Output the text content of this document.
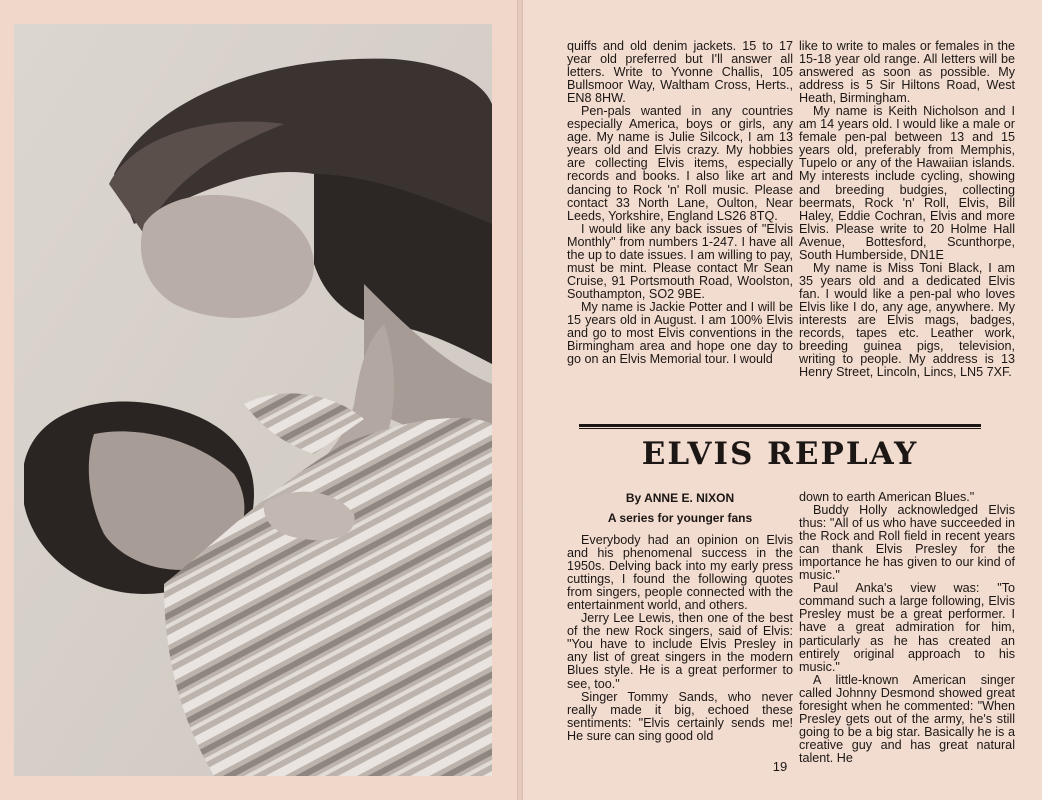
quiffs and old denim jackets. 15 to 17 year old preferred but I'll answer all letters. Write to Yvonne Challis, 105 Bullsmoor Way, Waltham Cross, Herts., EN8 8HW.

Pen-pals wanted in any countries especially America, boys or girls, any age. My name is Julie Silcock, I am 13 years old and Elvis crazy. My hobbies are collecting Elvis items, especially records and books. I also like art and dancing to Rock 'n' Roll music. Please contact 33 North Lane, Oulton, Near Leeds, Yorkshire, England LS26 8TQ.

I would like any back issues of "Elvis Monthly" from numbers 1-247. I have all the up to date issues. I am willing to pay, must be mint. Please contact Mr Sean Cruise, 91 Portsmouth Road, Woolston, Southampton, SO2 9BE.

My name is Jackie Potter and I will be 15 years old in August. I am 100% Elvis and go to most Elvis conventions in the Birmingham area and hope one day to go on an Elvis Memorial tour. I would

like to write to males or females in the 15-18 year old range. All letters will be answered as soon as possible. My address is 5 Sir Hiltons Road, West Heath, Birmingham.

My name is Keith Nicholson and I am 14 years old. I would like a male or female pen-pal between 13 and 15 years old, preferably from Memphis, Tupelo or any of the Hawaiian islands. My interests include cycling, showing and breeding budgies, collecting beermats, Rock 'n' Roll, Elvis, Bill Haley, Eddie Cochran, Elvis and more Elvis. Please write to 20 Holme Hall Avenue, Bottesford, Scunthorpe, South Humberside, DN1E

My name is Miss Toni Black, I am 35 years old and a dedicated Elvis fan. I would like a pen-pal who loves Elvis like I do, any age, anywhere. My interests are Elvis mags, badges, records, tapes etc. Leather work, breeding guinea pigs, television, writing to people. My address is 13 Henry Street, Lincoln, Lincs, LN5 7XF.

ELVIS REPLAY
By ANNE E. NIXON
A series for younger fans

Everybody had an opinion on Elvis and his phenomenal success in the 1950s. Delving back into my early press cuttings, I found the following quotes from singers, people connected with the entertainment world, and others.

Jerry Lee Lewis, then one of the best of the new Rock singers, said of Elvis: "You have to include Elvis Presley in any list of great singers in the modern Blues style. He is a great performer to see, too."

Singer Tommy Sands, who never really made it big, echoed these sentiments: "Elvis certainly sends me! He sure can sing good old

down to earth American Blues."

Buddy Holly acknowledged Elvis thus: "All of us who have succeeded in the Rock and Roll field in recent years can thank Elvis Presley for the importance he has given to our kind of music."

Paul Anka's view was: "To command such a large following, Elvis Presley must be a great performer. I have a great admiration for him, particularly as he has created an entirely original approach to his music."

A little-known American singer called Johnny Desmond showed great foresight when he commented: "When Presley gets out of the army, he's still going to be a big star. Basically he is a creative guy and has great natural talent. He

19
